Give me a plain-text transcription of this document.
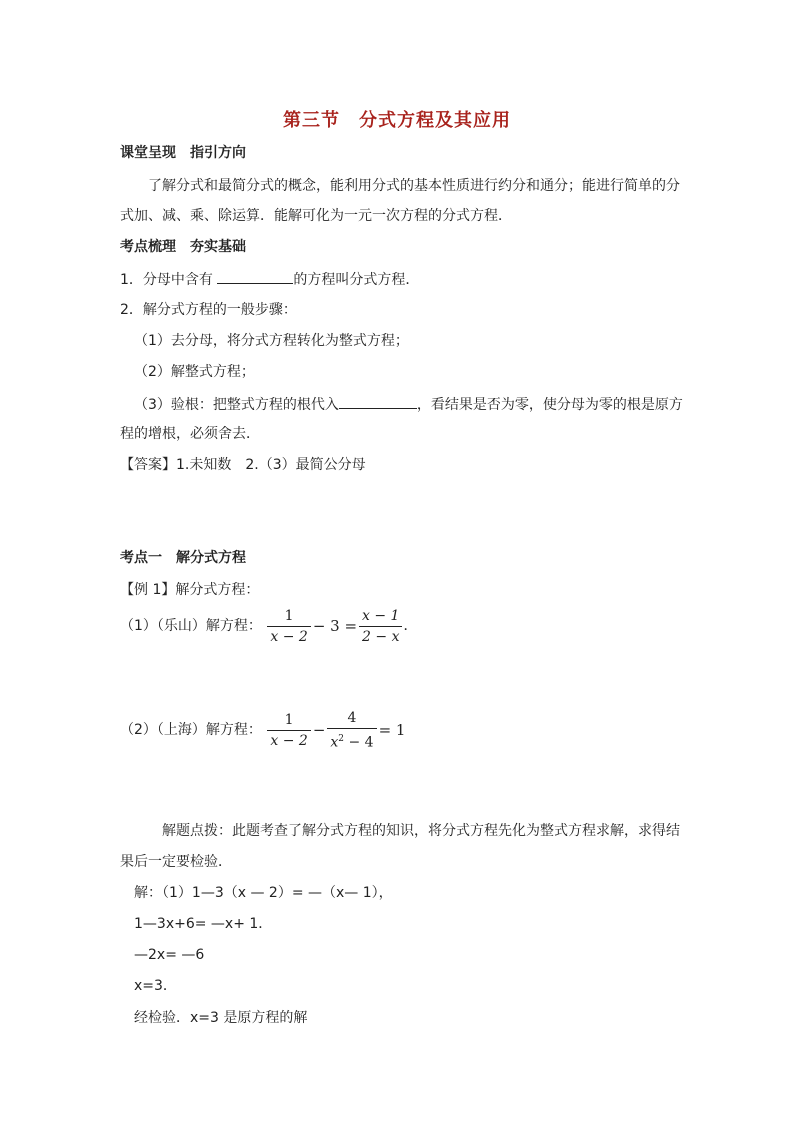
第三节　分式方程及其应用
课堂呈现　指引方向
了解分式和最简分式的概念，能利用分式的基本性质进行约分和通分；能进行简单的分
式加、减、乘、除运算．能解可化为一元一次方程的分式方程．
考点梳理　夯实基础
1．分母中含有	的方程叫分式方程．
2．解分式方程的一般步骤：
（1）去分母，将分式方程转化为整式方程；
（2）解整式方程；
（3）验根：把整式方程的根代入	，看结果是否为零，使分母为零的根是原方
程的增根，必须舍去．
【答案】1.未知数　2.（3）最简公分母
考点一　解分式方程
【例 1】解分式方程：
（1）（乐山）解方程： $\frac{1}{x - 2} - 3 = \frac{x - 1}{2 - x}$ ．
（2）（上海）解方程： $\frac{1}{x - 2} - \frac{4}{x^2 - 4} = 1$
解题点拨：此题考查了解分式方程的知识，将分式方程先化为整式方程求解，求得结
果后一定要检验．
解：（1）1—3（x — 2）= —（x— 1），
1—3x+6= —x+ 1．
—2x= —6
x=3．
经检验．x=3 是原方程的解
